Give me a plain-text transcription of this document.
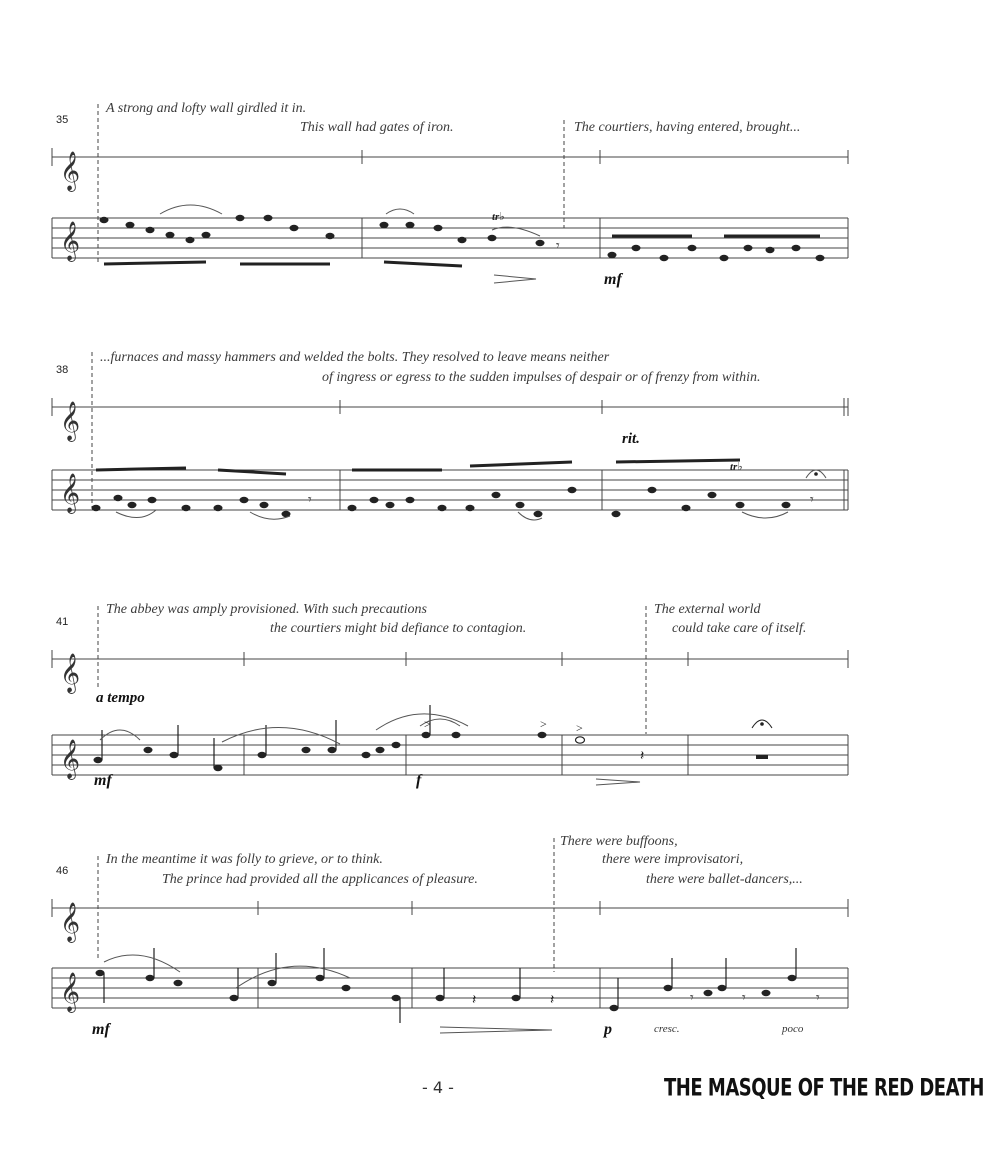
35
A strong and lofty wall girdled it in.
This wall had gates of iron.	The courtiers, having entered, brought...
mf
𝄞
𝄞
tr♭
𝄾
38
...furnaces and massy hammers and welded the bolts. They resolved to leave means neither
of ingress or egress to the sudden impulses of despair or of frenzy from within.
rit.
𝄞
𝄞
tr♭
𝄾	𝄾
41
The abbey was amply provisioned. With such precautions
the courtiers might bid defiance to contagion.
The external world
could take care of itself.
a tempo
mf	f
𝄞
𝄞
>	> >
𝄽
46
In the meantime it was folly to grieve, or to think.
The prince had provided all the applicances of pleasure.
There were buffoons,
there were improvisatori,
there were ballet-dancers,...
mf	p	cresc.	poco
𝄞
𝄞	𝄽	𝄽	𝄾	𝄾	𝄾
- 4 -	THE MASQUE OF THE RED DEATH
